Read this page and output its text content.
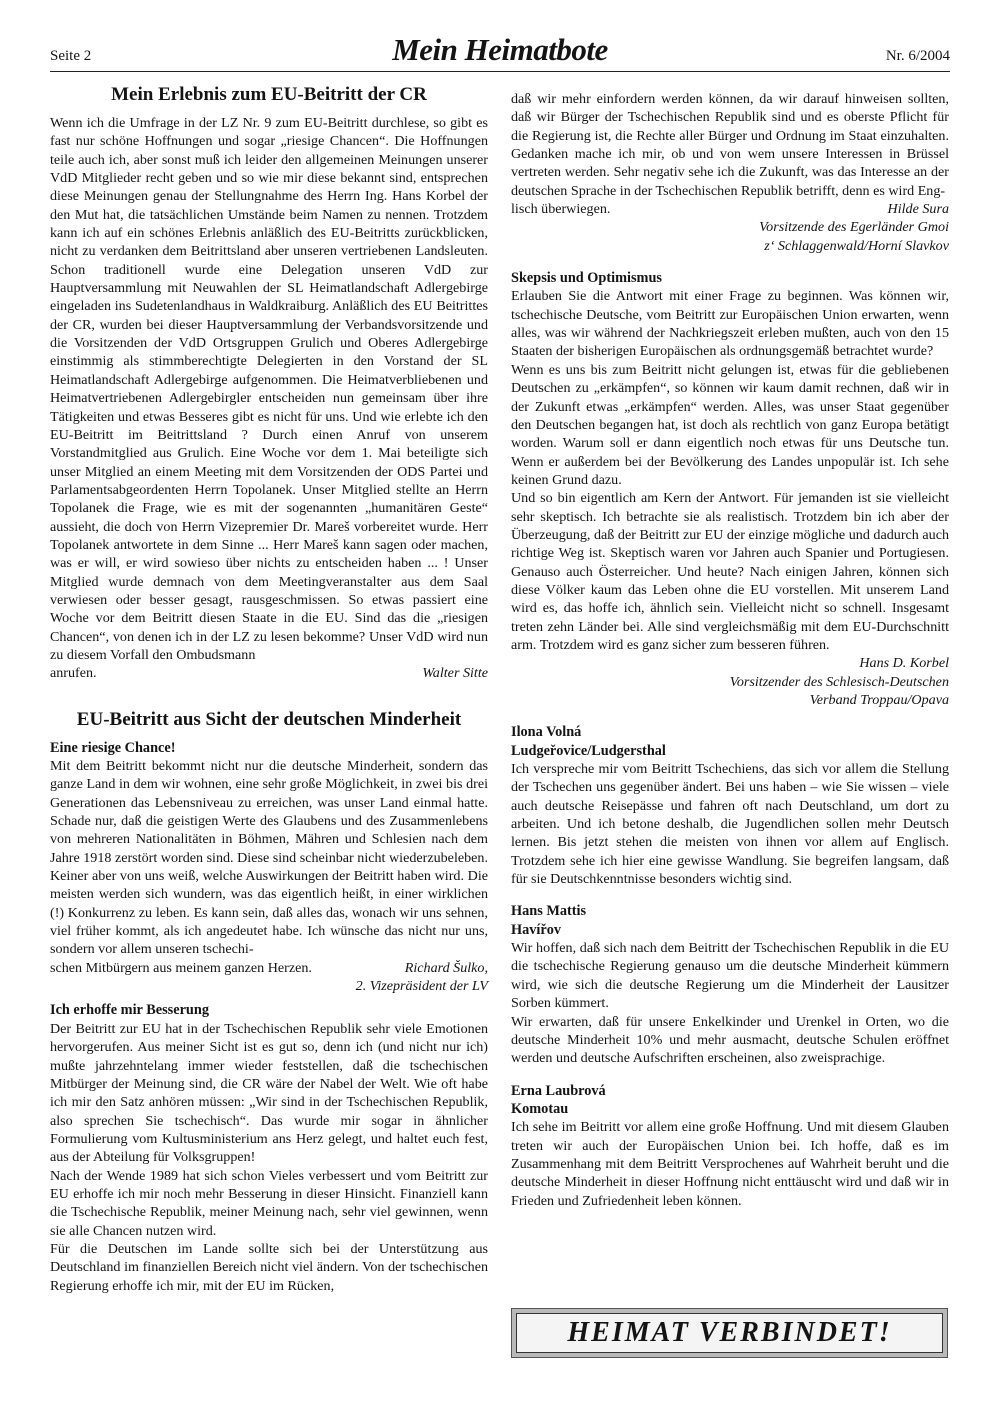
Seite 2	Mein Heimatbote	Nr. 6/2004
Mein Erlebnis zum EU-Beitritt der CR

Wenn ich die Umfrage in der LZ Nr. 9 zum EU-Beitritt durchlese, so gibt es fast nur schöne Hoffnungen und sogar „riesige Chancen“. Die Hoffnungen teile auch ich, aber sonst muß ich leider den allgemeinen Meinungen unserer VdD Mitglieder recht geben und so wie mir diese bekannt sind, entsprechen diese Meinungen genau der Stellungnahme des Herrn Ing. Hans Korbel der den Mut hat, die tatsächlichen Umstände beim Namen zu nennen. Trotzdem kann ich auf ein schönes Erlebnis anläßlich des EU-Beitritts zurückblicken, nicht zu verdanken dem Beitrittsland aber unseren vertriebenen Landsleuten. Schon traditionell wurde eine Delegation unseren VdD zur Hauptversammlung mit Neuwahlen der SL Heimatlandschaft Adlergebirge eingeladen ins Sudetenlandhaus in Waldkraiburg. Anläßlich des EU Beitrittes der CR, wurden bei dieser Hauptversammlung der Verbandsvorsitzende und die Vorsitzenden der VdD Ortsgruppen Grulich und Oberes Adlergebirge einstimmig als stimmberechtigte Delegierten in den Vorstand der SL Heimatlandschaft Adlergebirge aufgenommen. Die Heimatverbliebenen und Heimatvertriebenen Adlergebirgler entscheiden nun gemeinsam über ihre Tätigkeiten und etwas Besseres gibt es nicht für uns. Und wie erlebte ich den EU-Beitritt im Beitrittsland ? Durch einen Anruf von unserem Vorstandmitglied aus Grulich. Eine Woche vor dem 1. Mai beteiligte sich unser Mitglied an einem Meeting mit dem Vorsitzenden der ODS Partei und Parlamentsabgeordenten Herrn Topolanek. Unser Mitglied stellte an Herrn Topolanek die Frage, wie es mit der sogenannten „humanitären Geste“ aussieht, die doch von Herrn Vizepremier Dr. Mareš vorbereitet wurde. Herr Topolanek antwortete in dem Sinne ... Herr Mareš kann sagen oder machen, was er will, er wird sowieso über nichts zu entscheiden haben ... ! Unser Mitglied wurde demnach von dem Meetingveranstalter aus dem Saal verwiesen oder besser gesagt, rausgeschmissen. So etwas passiert eine Woche vor dem Beitritt diesen Staate in die EU. Sind das die „riesigen Chancen“, von denen ich in der LZ zu lesen bekomme? Unser VdD wird nun zu diesem Vorfall den Ombudsmann

anrufen.	Walter Sitte
EU-Beitritt aus Sicht der deutschen Minderheit
Eine riesige Chance!

Mit dem Beitritt bekommt nicht nur die deutsche Minderheit, sondern das ganze Land in dem wir wohnen, eine sehr große Möglichkeit, in zwei bis drei Generationen das Lebensniveau zu erreichen, was unser Land einmal hatte. Schade nur, daß die geistigen Werte des Glaubens und des Zusammenlebens von mehreren Nationalitäten in Böhmen, Mähren und Schlesien nach dem Jahre 1918 zerstört worden sind. Diese sind scheinbar nicht wiederzubeleben. Keiner aber von uns weiß, welche Auswirkungen der Beitritt haben wird. Die meisten werden sich wundern, was das eigentlich heißt, in einer wirklichen (!) Konkurrenz zu leben. Es kann sein, daß alles das, wonach wir uns sehnen, viel früher kommt, als ich angedeutet habe. Ich wünsche das nicht nur uns, sondern vor allem unseren tschechi-

schen Mitbürgern aus meinem ganzen Herzen.	Richard Šulko,

2. Vizepräsident der LV

Ich erhoffe mir Besserung

Der Beitritt zur EU hat in der Tschechischen Republik sehr viele Emotionen hervorgerufen. Aus meiner Sicht ist es gut so, denn ich (und nicht nur ich) mußte jahrzehntelang immer wieder feststellen, daß die tschechischen Mitbürger der Meinung sind, die CR wäre der Nabel der Welt. Wie oft habe ich mir den Satz anhören müssen: „Wir sind in der Tschechischen Republik, also sprechen Sie tschechisch“. Das wurde mir sogar in ähnlicher Formulierung vom Kultusministerium ans Herz gelegt, und haltet euch fest, aus der Abteilung für Volksgruppen!

Nach der Wende 1989 hat sich schon Vieles verbessert und vom Beitritt zur EU erhoffe ich mir noch mehr Besserung in dieser Hinsicht. Finanziell kann die Tschechische Republik, meiner Meinung nach, sehr viel gewinnen, wenn sie alle Chancen nutzen wird.

Für die Deutschen im Lande sollte sich bei der Unterstützung aus Deutschland im finanziellen Bereich nicht viel ändern. Von der tschechischen Regierung erhoffe ich mir, mit der EU im Rücken,

daß wir mehr einfordern werden können, da wir darauf hinweisen sollten, daß wir Bürger der Tschechischen Republik sind und es oberste Pflicht für die Regierung ist, die Rechte aller Bürger und Ordnung im Staat einzuhalten. Gedanken mache ich mir, ob und von wem unsere Interessen in Brüssel vertreten werden. Sehr negativ sehe ich die Zukunft, was das Interesse an der deutschen Sprache in der Tschechischen Republik betrifft, denn es wird Eng-

lisch überwiegen.	Hilde Sura

Vorsitzende des Egerländer Gmoi

z‘ Schlaggenwald/Horní Slavkov

Skepsis und Optimismus

Erlauben Sie die Antwort mit einer Frage zu beginnen. Was können wir, tschechische Deutsche, vom Beitritt zur Europäischen Union erwarten, wenn alles, was wir während der Nachkriegszeit erleben mußten, auch von den 15 Staaten der bisherigen Europäischen als ordnungsgemäß betrachtet wurde?

Wenn es uns bis zum Beitritt nicht gelungen ist, etwas für die gebliebenen Deutschen zu „erkämpfen“, so können wir kaum damit rechnen, daß wir in der Zukunft etwas „erkämpfen“ werden. Alles, was unser Staat gegenüber den Deutschen begangen hat, ist doch als rechtlich von ganz Europa betätigt worden. Warum soll er dann eigentlich noch etwas für uns Deutsche tun. Wenn er außerdem bei der Bevölkerung des Landes unpopulär ist. Ich sehe keinen Grund dazu.

Und so bin eigentlich am Kern der Antwort. Für jemanden ist sie vielleicht sehr skeptisch. Ich betrachte sie als realistisch. Trotzdem bin ich aber der Überzeugung, daß der Beitritt zur EU der einzige mögliche und dadurch auch richtige Weg ist. Skeptisch waren vor Jahren auch Spanier und Portugiesen. Genauso auch Österreicher. Und heute? Nach einigen Jahren, können sich diese Völker kaum das Leben ohne die EU vorstellen. Mit unserem Land wird es, das hoffe ich, ähnlich sein. Vielleicht nicht so schnell. Insgesamt treten zehn Länder bei. Alle sind vergleichsmäßig mit dem EU-Durchschnitt arm. Trotzdem wird es ganz sicher zum besseren führen.

Hans D. Korbel

Vorsitzender des Schlesisch-Deutschen

Verband Troppau/Opava

Ilona Volná
Ludgeřovice/Ludgersthal

Ich verspreche mir vom Beitritt Tschechiens, das sich vor allem die Stellung der Tschechen uns gegenüber ändert. Bei uns haben – wie Sie wissen – viele auch deutsche Reisepässe und fahren oft nach Deutschland, um dort zu arbeiten. Und ich betone deshalb, die Jugendlichen sollen mehr Deutsch lernen. Bis jetzt stehen die meisten von ihnen vor allem auf Englisch. Trotzdem sehe ich hier eine gewisse Wandlung. Sie begreifen langsam, daß für sie Deutschkenntnisse besonders wichtig sind.

Hans Mattis
Havířov

Wir hoffen, daß sich nach dem Beitritt der Tschechischen Republik in die EU die tschechische Regierung genauso um die deutsche Minderheit kümmern wird, wie sich die deutsche Regierung um die Minderheit der Lausitzer Sorben kümmert.

Wir erwarten, daß für unsere Enkelkinder und Urenkel in Orten, wo die deutsche Minderheit 10% und mehr ausmacht, deutsche Schulen eröffnet werden und deutsche Aufschriften erscheinen, also zweisprachige.

Erna Laubrová
Komotau

Ich sehe im Beitritt vor allem eine große Hoffnung. Und mit diesem Glauben treten wir auch der Europäischen Union bei. Ich hoffe, daß es im Zusammenhang mit dem Beitritt Versprochenes auf Wahrheit beruht und die deutsche Minderheit in dieser Hoffnung nicht enttäuscht wird und daß wir in Frieden und Zufriedenheit leben können.

HEIMAT VERBINDET!
